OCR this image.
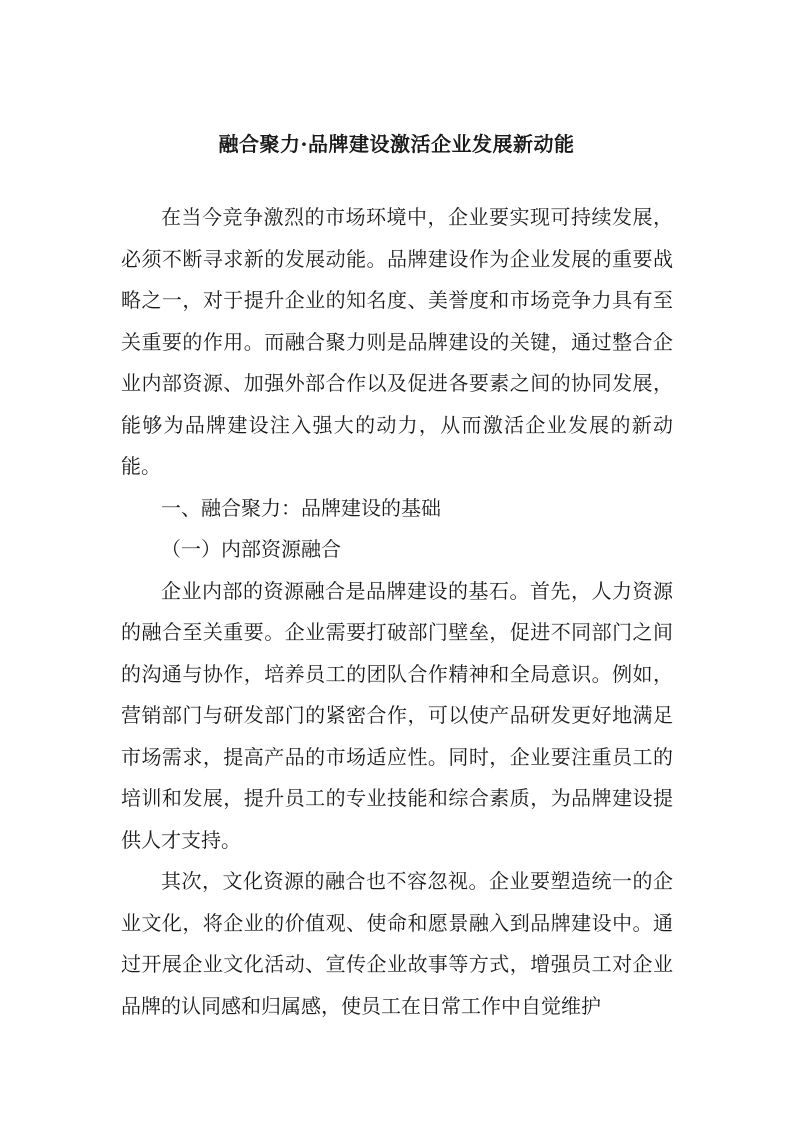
融合聚力·品牌建设激活企业发展新动能

在当今竞争激烈的市场环境中，企业要实现可持续发展，必须不断寻求新的发展动能。品牌建设作为企业发展的重要战略之一，对于提升企业的知名度、美誉度和市场竞争力具有至关重要的作用。而融合聚力则是品牌建设的关键，通过整合企业内部资源、加强外部合作以及促进各要素之间的协同发展，能够为品牌建设注入强大的动力，从而激活企业发展的新动能。

一、融合聚力：品牌建设的基础

（一）内部资源融合

企业内部的资源融合是品牌建设的基石。首先，人力资源的融合至关重要。企业需要打破部门壁垒，促进不同部门之间的沟通与协作，培养员工的团队合作精神和全局意识。例如，营销部门与研发部门的紧密合作，可以使产品研发更好地满足市场需求，提高产品的市场适应性。同时，企业要注重员工的培训和发展，提升员工的专业技能和综合素质，为品牌建设提供人才支持。

其次，文化资源的融合也不容忽视。企业要塑造统一的企业文化，将企业的价值观、使命和愿景融入到品牌建设中。通过开展企业文化活动、宣传企业故事等方式，增强员工对企业品牌的认同感和归属感，使员工在日常工作中自觉维护
